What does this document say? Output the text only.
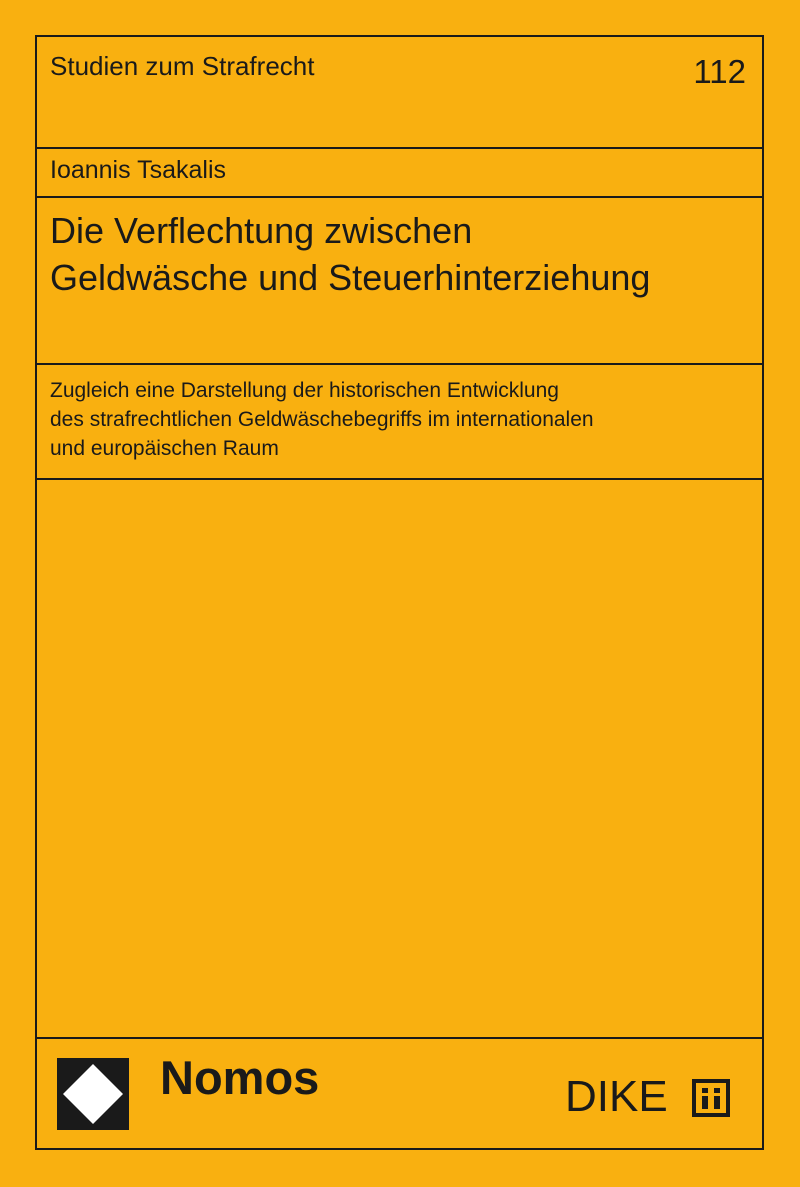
Studien zum Strafrecht	112
Ioannis Tsakalis
Die Verflechtung zwischen
Geldwäsche und Steuerhinterziehung
Zugleich eine Darstellung der historischen Entwicklung
des strafrechtlichen Geldwäschebegriffs im internationalen
und europäischen Raum
Nomos	DIKE
